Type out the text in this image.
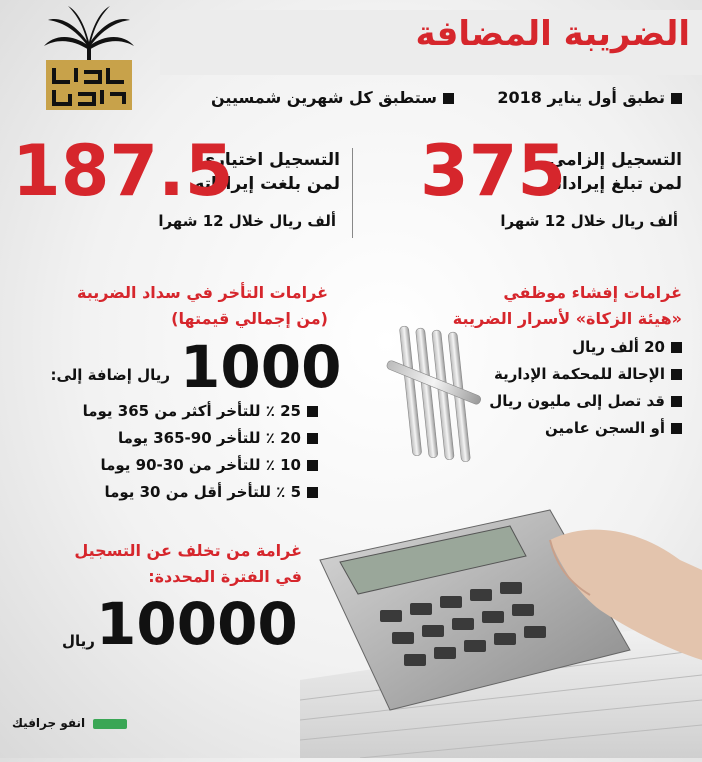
الضريبة المضافة
تطبق أول يناير 2018
ستطبق كل شهرين شمسيين
التسجيل إلزامي
لمن تبلغ إيراداته
375
ألف ريال خلال 12 شهرا
التسجيل اختياري
لمن بلغت إيراداته
187.5
ألف ريال خلال 12 شهرا
غرامات إفشاء موظفي
«هيئة الزكاة» لأسرار الضريبة
20 ألف ريال
الإحالة للمحكمة الإدارية
قد تصل إلى مليون ريال
أو السجن عامين
غرامات التأخر في سداد الضريبة
(من إجمالي قيمتها)
1000
ريال إضافة إلى:
25 ٪ للتأخر أكثر من 365 يوما
20 ٪ للتأخر 90-365 يوما
10 ٪ للتأخر من 30-90 يوما
5 ٪ للتأخر أقل من 30 يوما
غرامة من تخلف عن التسجيل
في الفترة المحددة:
10000
ريال
انفو جرافيك
